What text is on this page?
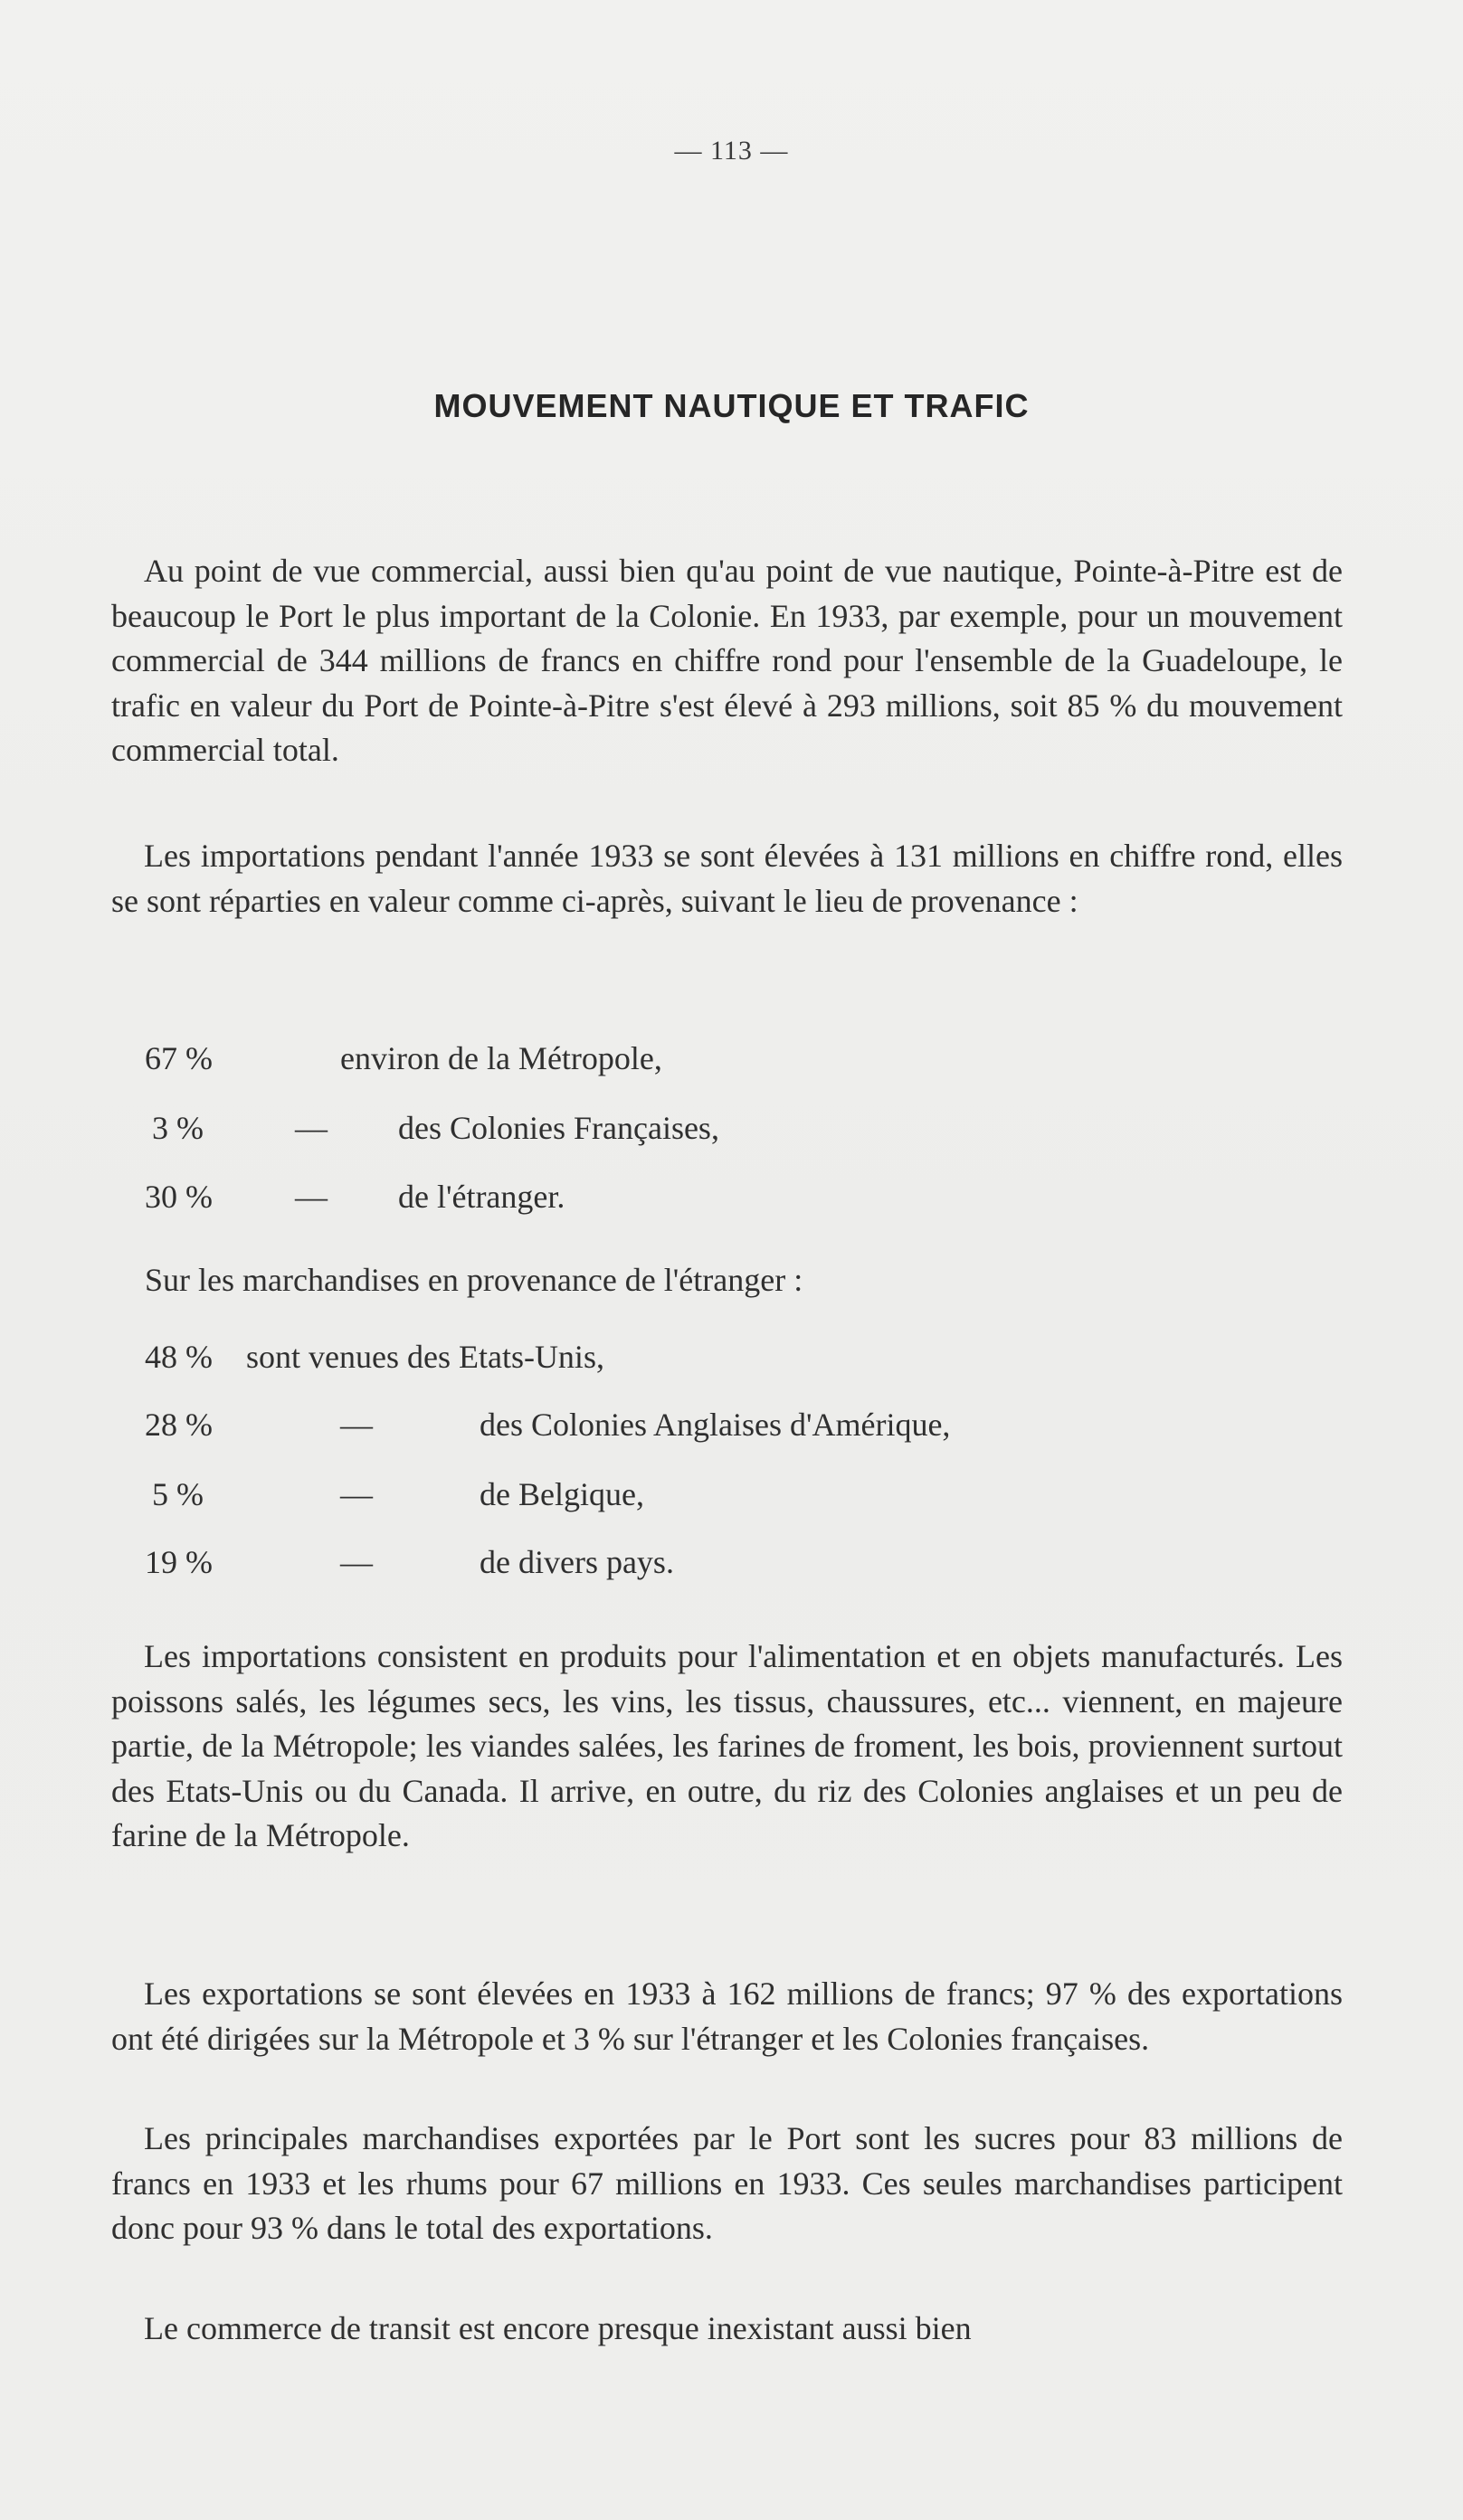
— 113 —
MOUVEMENT NAUTIQUE ET TRAFIC

Au point de vue commercial, aussi bien qu'au point de vue nautique, Pointe-à-Pitre est de beaucoup le Port le plus important de la Colonie. En 1933, par exemple, pour un mouvement commercial de 344 millions de francs en chiffre rond pour l'ensemble de la Guadeloupe, le trafic en valeur du Port de Pointe-à-Pitre s'est élevé à 293 millions, soit 85 % du mouvement commercial total.

Les importations pendant l'année 1933 se sont élevées à 131 millions en chiffre rond, elles se sont réparties en valeur comme ci-après, suivant le lieu de provenance :

67 %	environ de la Métropole,
3 %	— des Colonies Françaises,
30 %	— de l'étranger.
Sur les marchandises en provenance de l'étranger :
48 % sont venues des Etats-Unis,
28 %	—	des Colonies Anglaises d'Amérique,
5 %	—	de Belgique,
19 %	—	de divers pays.

Les importations consistent en produits pour l'alimentation et en objets manufacturés. Les poissons salés, les légumes secs, les vins, les tissus, chaussures, etc... viennent, en majeure partie, de la Métropole; les viandes salées, les farines de froment, les bois, proviennent surtout des Etats-Unis ou du Canada. Il arrive, en outre, du riz des Colonies anglaises et un peu de farine de la Métropole.

Les exportations se sont élevées en 1933 à 162 millions de francs; 97 % des exportations ont été dirigées sur la Métropole et 3 % sur l'étranger et les Colonies françaises.

Les principales marchandises exportées par le Port sont les sucres pour 83 millions de francs en 1933 et les rhums pour 67 millions en 1933. Ces seules marchandises participent donc pour 93 % dans le total des exportations.

Le commerce de transit est encore presque inexistant aussi bien
